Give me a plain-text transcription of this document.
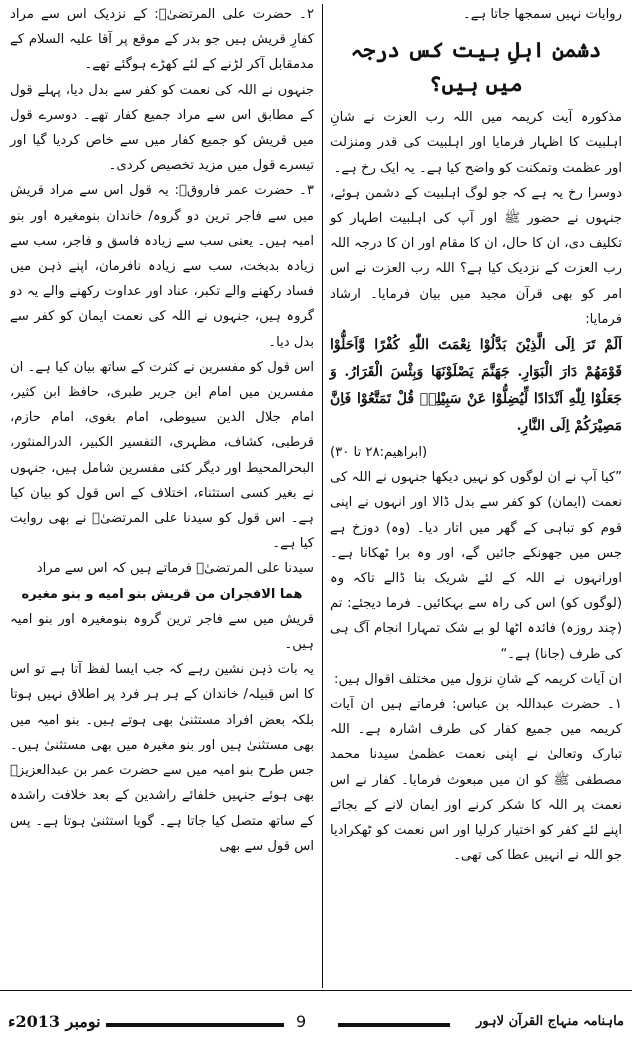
روایات نہیں سمجھا جاتا ہے۔

دشمنِ اہلِ بیت کس درجہ میں ہیں؟

مذکورہ آیت کریمہ میں اللہ رب العزت نے شانِ اہلبیت کا اظہار فرمایا اور اہلبیت کی قدر ومنزلت اور عظمت وتمکنت کو واضح کیا ہے۔ یہ ایک رخ ہے۔

دوسرا رخ یہ ہے کہ جو لوگ اہلبیت کے دشمن ہوئے، جنہوں نے حضور ﷺ اور آپ کی اہلبیت اطہار کو تکلیف دی، ان کا حال، ان کا مقام اور ان کا درجہ اللہ رب العزت کے نزدیک کیا ہے؟ اللہ رب العزت نے اس امر کو بھی قرآن مجید میں بیان فرمایا۔ ارشاد فرمایا:

اَلَمْ تَرَ اِلَى الَّذِيْنَ بَدَّلُوْا نِعْمَتَ اللّٰهِ كُفْرًا وَّاَحَلُّوْا قَوْمَهُمْ دَارَ الْبَوَارِ. جَهَنَّمَ يَصْلَوْنَهَا وَبِئْسَ الْقَرَارُ. وَ جَعَلُوْا لِلّٰهِ اَنْدَادًا لِّيُضِلُّوْا عَنْ سَبِيْلِهٖ قُلْ تَمَتَّعُوْا فَاِنَّ مَصِيْرَكُمْ اِلَى النَّارِ.

(ابراهیم:۲۸ تا ۳۰)

”کیا آپ نے ان لوگوں کو نہیں دیکھا جنہوں نے اللہ کی نعمت (ایمان) کو کفر سے بدل ڈالا اور انہوں نے اپنی قوم کو تباہی کے گھر میں اتار دیا۔ (وہ) دوزخ ہے جس میں جھونکے جائیں گے، اور وہ برا ٹھکانا ہے۔ اورانہوں نے اللہ کے لئے شریک بنا ڈالے تاکہ وہ (لوگوں کو) اس کی راہ سے بہکائیں۔ فرما دیجئے: تم (چند روزہ) فائدہ اٹھا لو بے شک تمہارا انجام آگ ہی کی طرف (جانا) ہے۔“

ان آیات کریمہ کے شانِ نزول میں مختلف اقوال ہیں:

۱۔ حضرت عبداللہ بن عباس: فرماتے ہیں ان آیات کریمہ میں جمیع کفار کی طرف اشارہ ہے۔ اللہ تبارک وتعالیٰ نے اپنی نعمت عظمیٰ سیدنا محمد مصطفی ﷺ کو ان میں مبعوث فرمایا۔ کفار نے اس نعمت پر اللہ کا شکر کرنے اور ایمان لانے کے بجائے اپنے لئے کفر کو اختیار کرلیا اور اس نعمت کو ٹھکرادیا جو اللہ نے انہیں عطا کی تھی۔

۲۔ حضرت علی المرتضیٰؓ: کے نزدیک اس سے مراد کفارِ قریش ہیں جو بدر کے موقع پر آقا علیہ السلام کے مدمقابل آکر لڑنے کے لئے کھڑے ہوگئے تھے۔

جنہوں نے اللہ کی نعمت کو کفر سے بدل دیا، پہلے قول کے مطابق اس سے مراد جمیع کفار تھے۔ دوسرے قول میں قریش کو جمیع کفار میں سے خاص کردیا گیا اور تیسرے قول میں مزید تخصیص کردی۔

۳۔ حضرت عمر فاروقؓ: یہ قول اس سے مراد قریش میں سے فاجر ترین دو گروہ/ خاندان بنومغیرہ اور بنو امیہ ہیں۔ یعنی سب سے زیادہ فاسق و فاجر، سب سے زیادہ بدبخت، سب سے زیادہ نافرمان، اپنے ذہن میں فساد رکھنے والے تکبر، عناد اور عداوت رکھنے والے یہ دو گروہ ہیں، جنہوں نے اللہ کی نعمت ایمان کو کفر سے بدل دیا۔

اس قول کو مفسرین نے کثرت کے ساتھ بیان کیا ہے۔ ان مفسرین میں امام ابن جریر طبری، حافظ ابن کثیر، امام جلال الدین سیوطی، امام بغوی، امام حازم، قرطبی، کشاف، مظہری، التفسیر الکبیر، الدرالمنثور، البحرالمحیط اور دیگر کئی مفسرین شامل ہیں، جنہوں نے بغیر کسی استثناء، اختلاف کے اس قول کو بیان کیا ہے۔ اس قول کو سیدنا علی المرتضیٰؓ نے بھی روایت کیا ہے۔

سیدنا علی المرتضیٰؓ فرماتے ہیں کہ اس سے مراد

هما الافجران من قريش بنو اميه و بنو مغيره

قریش میں سے فاجر ترین گروہ بنومغیرہ اور بنو امیہ ہیں۔

یہ بات ذہن نشین رہے کہ جب ایسا لفظ آتا ہے تو اس کا اس قبیلہ/ خاندان کے ہر ہر فرد پر اطلاق نہیں ہوتا بلکہ بعض افراد مستثنیٰ بھی ہوتے ہیں۔ بنو امیہ میں بھی مستثنیٰ ہیں اور بنو مغیرہ میں بھی مستثنیٰ ہیں۔ جس طرح بنو امیہ میں سے حضرت عمر بن عبدالعزیزؒ بھی ہوئے جنہیں خلفائے راشدین کے بعد خلافت راشدہ کے ساتھ متصل کیا جاتا ہے۔ گویا استثنیٰ ہوتا ہے۔ پس اس قول سے بھی

ماہنامہ منہاج القرآن لاہور
9
نومبر 2013ء
